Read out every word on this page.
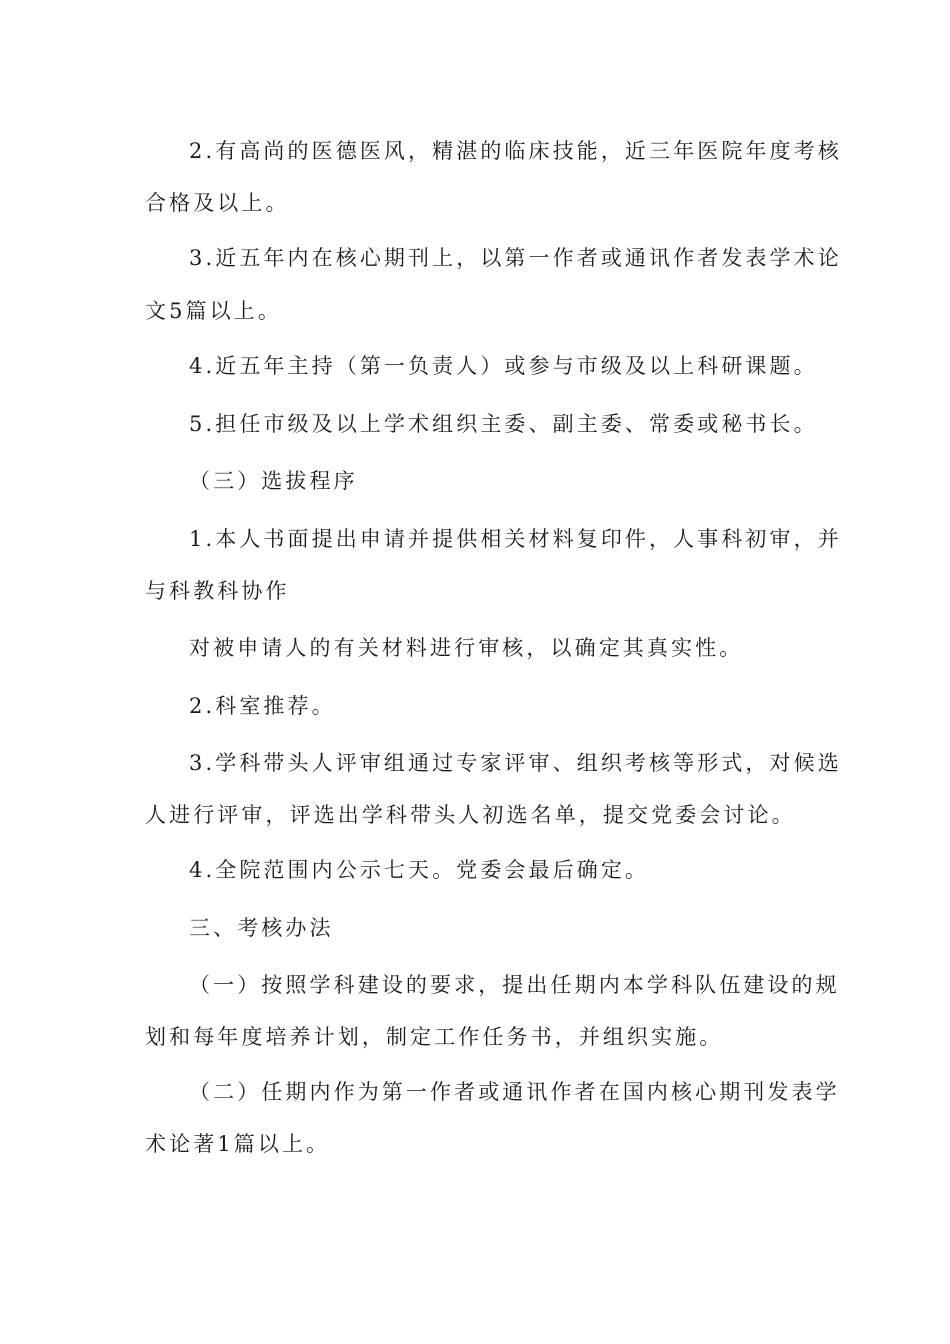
2.有高尚的医德医风，精湛的临床技能，近三年医院年度考核
合格及以上。
3.近五年内在核心期刊上，以第一作者或通讯作者发表学术论
文5篇以上。
4.近五年主持（第一负责人）或参与市级及以上科研课题。
5.担任市级及以上学术组织主委、副主委、常委或秘书长。
（三）选拔程序
1.本人书面提出申请并提供相关材料复印件，人事科初审，并
与科教科协作
对被申请人的有关材料进行审核，以确定其真实性。
2.科室推荐。
3.学科带头人评审组通过专家评审、组织考核等形式，对候选
人进行评审，评选出学科带头人初选名单，提交党委会讨论。
4.全院范围内公示七天。党委会最后确定。
三、考核办法
（一）按照学科建设的要求，提出任期内本学科队伍建设的规
划和每年度培养计划，制定工作任务书，并组织实施。
（二）任期内作为第一作者或通讯作者在国内核心期刊发表学
术论著1篇以上。
